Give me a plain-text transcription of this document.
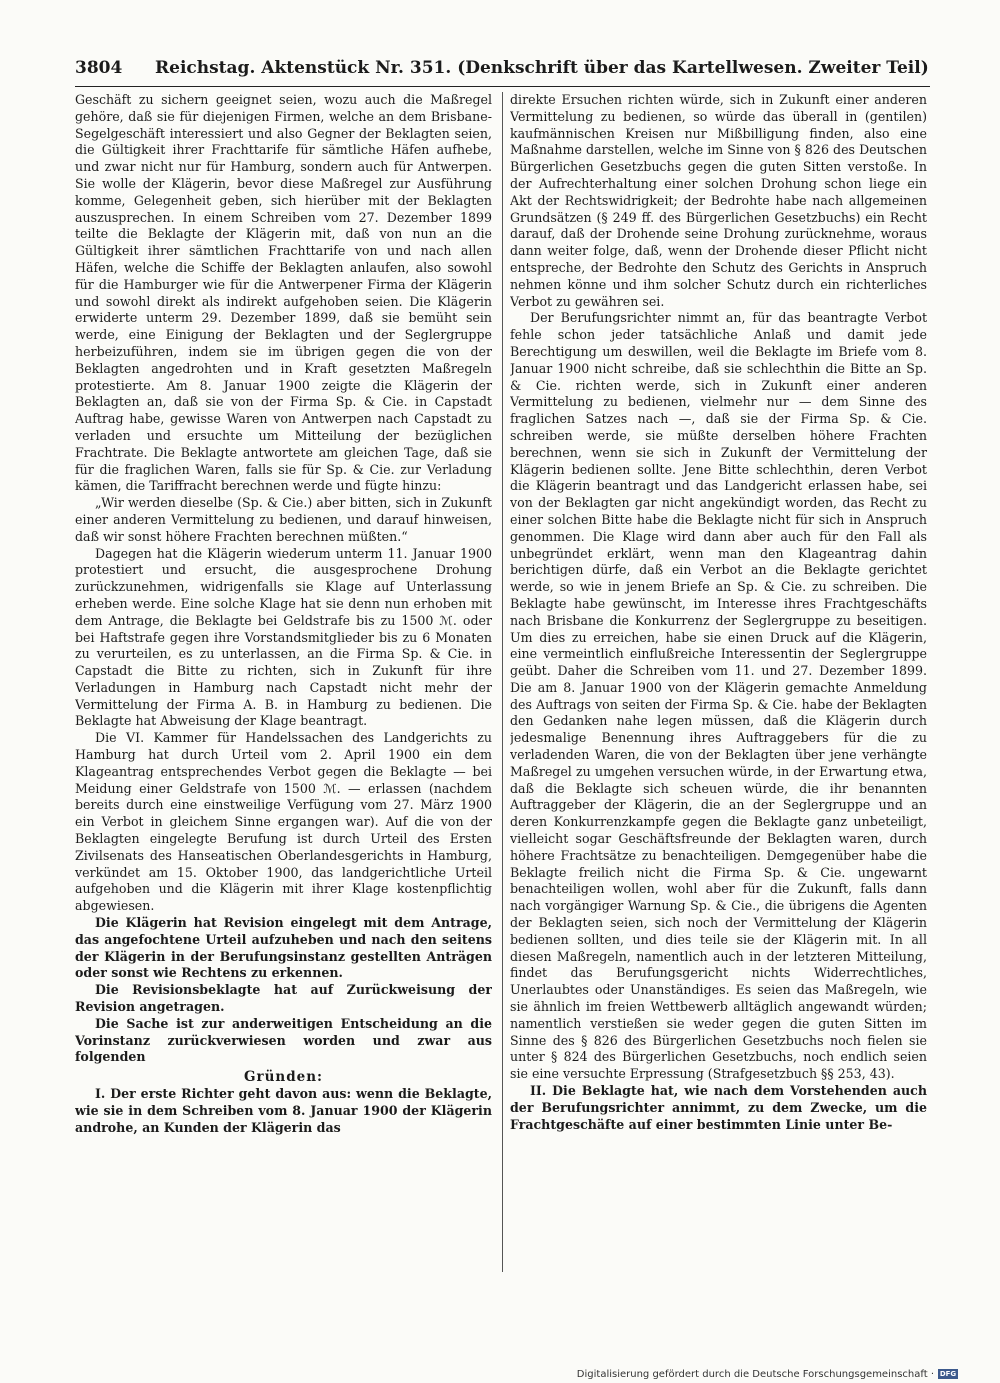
3804 Reichstag. Aktenstück Nr. 351. (Denkschrift über das Kartellwesen. Zweiter Teil)

Geschäft zu sichern geeignet seien, wozu auch die Maßregel gehöre, daß sie für diejenigen Firmen, welche an dem Brisbane-Segelgeschäft interessiert und also Gegner der Beklagten seien, die Gültigkeit ihrer Frachttarife für sämtliche Häfen aufhebe, und zwar nicht nur für Hamburg, sondern auch für Antwerpen. Sie wolle der Klägerin, bevor diese Maßregel zur Ausführung komme, Gelegenheit geben, sich hierüber mit der Beklagten auszusprechen. In einem Schreiben vom 27. Dezember 1899 teilte die Beklagte der Klägerin mit, daß von nun an die Gültigkeit ihrer sämtlichen Frachttarife von und nach allen Häfen, welche die Schiffe der Beklagten anlaufen, also sowohl für die Hamburger wie für die Antwerpener Firma der Klägerin und sowohl direkt als indirekt aufgehoben seien. Die Klägerin erwiderte unterm 29. Dezember 1899, daß sie bemüht sein werde, eine Einigung der Beklagten und der Seglergruppe herbeizuführen, indem sie im übrigen gegen die von der Beklagten angedrohten und in Kraft gesetzten Maßregeln protestierte. Am 8. Januar 1900 zeigte die Klägerin der Beklagten an, daß sie von der Firma Sp. & Cie. in Capstadt Auftrag habe, gewisse Waren von Antwerpen nach Capstadt zu verladen und ersuchte um Mitteilung der bezüglichen Frachtrate. Die Beklagte antwortete am gleichen Tage, daß sie für die fraglichen Waren, falls sie für Sp. & Cie. zur Verladung kämen, die Tariffracht berechnen werde und fügte hinzu:

„Wir werden dieselbe (Sp. & Cie.) aber bitten, sich in Zukunft einer anderen Vermittelung zu bedienen, und darauf hinweisen, daß wir sonst höhere Frachten berechnen müßten.“

Dagegen hat die Klägerin wiederum unterm 11. Januar 1900 protestiert und ersucht, die ausgesprochene Drohung zurückzunehmen, widrigenfalls sie Klage auf Unterlassung erheben werde. Eine solche Klage hat sie denn nun erhoben mit dem Antrage, die Beklagte bei Geldstrafe bis zu 1500 ℳ. oder bei Haftstrafe gegen ihre Vorstandsmitglieder bis zu 6 Monaten zu verurteilen, es zu unterlassen, an die Firma Sp. & Cie. in Capstadt die Bitte zu richten, sich in Zukunft für ihre Verladungen in Hamburg nach Capstadt nicht mehr der Vermittelung der Firma A. B. in Hamburg zu bedienen. Die Beklagte hat Abweisung der Klage beantragt.

Die VI. Kammer für Handelssachen des Landgerichts zu Hamburg hat durch Urteil vom 2. April 1900 ein dem Klageantrag entsprechendes Verbot gegen die Beklagte — bei Meidung einer Geldstrafe von 1500 ℳ. — erlassen (nachdem bereits durch eine einstweilige Verfügung vom 27. März 1900 ein Verbot in gleichem Sinne ergangen war). Auf die von der Beklagten eingelegte Berufung ist durch Urteil des Ersten Zivilsenats des Hanseatischen Oberlandesgerichts in Hamburg, verkündet am 15. Oktober 1900, das landgerichtliche Urteil aufgehoben und die Klägerin mit ihrer Klage kostenpflichtig abgewiesen.

Die Klägerin hat Revision eingelegt mit dem Antrage, das angefochtene Urteil aufzuheben und nach den seitens der Klägerin in der Berufungsinstanz gestellten Anträgen oder sonst wie Rechtens zu erkennen.

Die Revisionsbeklagte hat auf Zurückweisung der Revision angetragen.

Die Sache ist zur anderweitigen Entscheidung an die Vorinstanz zurückverwiesen worden und zwar aus folgenden

Gründen:

I. Der erste Richter geht davon aus: wenn die Beklagte, wie sie in dem Schreiben vom 8. Januar 1900 der Klägerin androhe, an Kunden der Klägerin das

direkte Ersuchen richten würde, sich in Zukunft einer anderen Vermittelung zu bedienen, so würde das überall in (gentilen) kaufmännischen Kreisen nur Mißbilligung finden, also eine Maßnahme darstellen, welche im Sinne von § 826 des Deutschen Bürgerlichen Gesetzbuchs gegen die guten Sitten verstoße. In der Aufrechterhaltung einer solchen Drohung schon liege ein Akt der Rechtswidrigkeit; der Bedrohte habe nach allgemeinen Grundsätzen (§ 249 ff. des Bürgerlichen Gesetzbuchs) ein Recht darauf, daß der Drohende seine Drohung zurücknehme, woraus dann weiter folge, daß, wenn der Drohende dieser Pflicht nicht entspreche, der Bedrohte den Schutz des Gerichts in Anspruch nehmen könne und ihm solcher Schutz durch ein richterliches Verbot zu gewähren sei.

Der Berufungsrichter nimmt an, für das beantragte Verbot fehle schon jeder tatsächliche Anlaß und damit jede Berechtigung um deswillen, weil die Beklagte im Briefe vom 8. Januar 1900 nicht schreibe, daß sie schlechthin die Bitte an Sp. & Cie. richten werde, sich in Zukunft einer anderen Vermittelung zu bedienen, vielmehr nur — dem Sinne des fraglichen Satzes nach —, daß sie der Firma Sp. & Cie. schreiben werde, sie müßte derselben höhere Frachten berechnen, wenn sie sich in Zukunft der Vermittelung der Klägerin bedienen sollte. Jene Bitte schlechthin, deren Verbot die Klägerin beantragt und das Landgericht erlassen habe, sei von der Beklagten gar nicht angekündigt worden, das Recht zu einer solchen Bitte habe die Beklagte nicht für sich in Anspruch genommen. Die Klage wird dann aber auch für den Fall als unbegründet erklärt, wenn man den Klageantrag dahin berichtigen dürfe, daß ein Verbot an die Beklagte gerichtet werde, so wie in jenem Briefe an Sp. & Cie. zu schreiben. Die Beklagte habe gewünscht, im Interesse ihres Frachtgeschäfts nach Brisbane die Konkurrenz der Seglergruppe zu beseitigen. Um dies zu erreichen, habe sie einen Druck auf die Klägerin, eine vermeintlich einflußreiche Interessentin der Seglergruppe geübt. Daher die Schreiben vom 11. und 27. Dezember 1899. Die am 8. Januar 1900 von der Klägerin gemachte Anmeldung des Auftrags von seiten der Firma Sp. & Cie. habe der Beklagten den Gedanken nahe legen müssen, daß die Klägerin durch jedesmalige Benennung ihres Auftraggebers für die zu verladenden Waren, die von der Beklagten über jene verhängte Maßregel zu umgehen versuchen würde, in der Erwartung etwa, daß die Beklagte sich scheuen würde, die ihr benannten Auftraggeber der Klägerin, die an der Seglergruppe und an deren Konkurrenzkampfe gegen die Beklagte ganz unbeteiligt, vielleicht sogar Geschäftsfreunde der Beklagten waren, durch höhere Frachtsätze zu benachteiligen. Demgegenüber habe die Beklagte freilich nicht die Firma Sp. & Cie. ungewarnt benachteiligen wollen, wohl aber für die Zukunft, falls dann nach vorgängiger Warnung Sp. & Cie., die übrigens die Agenten der Beklagten seien, sich noch der Vermittelung der Klägerin bedienen sollten, und dies teile sie der Klägerin mit. In all diesen Maßregeln, namentlich auch in der letzteren Mitteilung, findet das Berufungsgericht nichts Widerrechtliches, Unerlaubtes oder Unanständiges. Es seien das Maßregeln, wie sie ähnlich im freien Wettbewerb alltäglich angewandt würden; namentlich verstießen sie weder gegen die guten Sitten im Sinne des § 826 des Bürgerlichen Gesetzbuchs noch fielen sie unter § 824 des Bürgerlichen Gesetzbuchs, noch endlich seien sie eine versuchte Erpressung (Strafgesetzbuch §§ 253, 43).

II. Die Beklagte hat, wie nach dem Vorstehenden auch der Berufungsrichter annimmt, zu dem Zwecke, um die Frachtgeschäfte auf einer bestimmten Linie unter Be-

Digitalisierung gefördert durch die Deutsche Forschungsgemeinschaft · DFG
